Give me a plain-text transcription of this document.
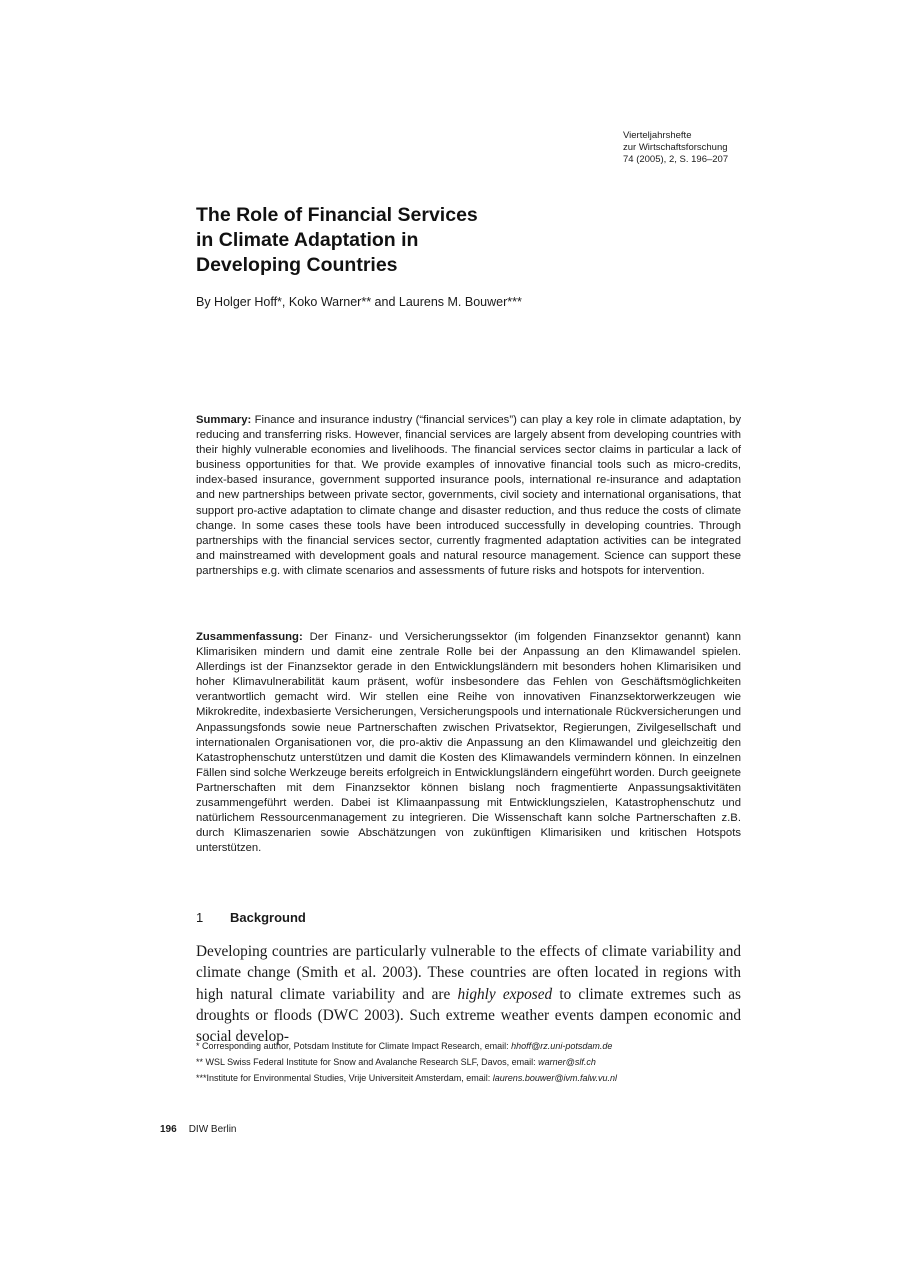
Vierteljahrshefte
zur Wirtschaftsforschung
74 (2005), 2, S. 196–207
The Role of Financial Services
in Climate Adaptation in
Developing Countries
By Holger Hoff*, Koko Warner** and Laurens M. Bouwer***

Summary: Finance and insurance industry (“financial services”) can play a key role in climate adaptation, by reducing and transferring risks. However, financial services are largely absent from developing countries with their highly vulnerable economies and livelihoods. The financial services sector claims in particular a lack of business opportunities for that. We provide examples of innovative financial tools such as micro-credits, index-based insurance, government supported insurance pools, international re-insurance and adaptation and new partnerships between private sector, governments, civil society and international organisations, that support pro-active adaptation to climate change and disaster reduction, and thus reduce the costs of climate change. In some cases these tools have been introduced successfully in developing countries. Through partnerships with the financial services sector, currently fragmented adaptation activities can be integrated and mainstreamed with development goals and natural resource management. Science can support these partnerships e.g. with climate scenarios and assessments of future risks and hotspots for intervention.

Zusammenfassung: Der Finanz- und Versicherungssektor (im folgenden Finanzsektor genannt) kann Klimarisiken mindern und damit eine zentrale Rolle bei der Anpassung an den Klimawandel spielen. Allerdings ist der Finanzsektor gerade in den Entwicklungsländern mit besonders hohen Klimarisiken und hoher Klimavulnerabilität kaum präsent, wofür insbesondere das Fehlen von Geschäftsmöglichkeiten verantwortlich gemacht wird. Wir stellen eine Reihe von innovativen Finanzsektorwerkzeugen wie Mikrokredite, indexbasierte Versicherungen, Versicherungspools und internationale Rückversicherungen und Anpassungsfonds sowie neue Partnerschaften zwischen Privatsektor, Regierungen, Zivilgesellschaft und internationalen Organisationen vor, die pro-aktiv die Anpassung an den Klimawandel und gleichzeitig den Katastrophenschutz unterstützen und damit die Kosten des Klimawandels vermindern können. In einzelnen Fällen sind solche Werkzeuge bereits erfolgreich in Entwicklungsländern eingeführt worden. Durch geeignete Partnerschaften mit dem Finanzsektor können bislang noch fragmentierte Anpassungsaktivitäten zusammengeführt werden. Dabei ist Klimaanpassung mit Entwicklungszielen, Katastrophenschutz und natürlichem Ressourcenmanagement zu integrieren. Die Wissenschaft kann solche Partnerschaften z.B. durch Klimaszenarien sowie Abschätzungen von zukünftigen Klimarisiken und kritischen Hotspots unterstützen.

1 Background

Developing countries are particularly vulnerable to the effects of climate variability and climate change (Smith et al. 2003). These countries are often located in regions with high natural climate variability and are highly exposed to climate extremes such as droughts or floods (DWC 2003). Such extreme weather events dampen economic and social develop-

* Corresponding author, Potsdam Institute for Climate Impact Research, email: hhoff@rz.uni-potsdam.de
** WSL Swiss Federal Institute for Snow and Avalanche Research SLF, Davos, email: warner@slf.ch
***Institute for Environmental Studies, Vrije Universiteit Amsterdam, email: laurens.bouwer@ivm.falw.vu.nl
196 DIW Berlin
